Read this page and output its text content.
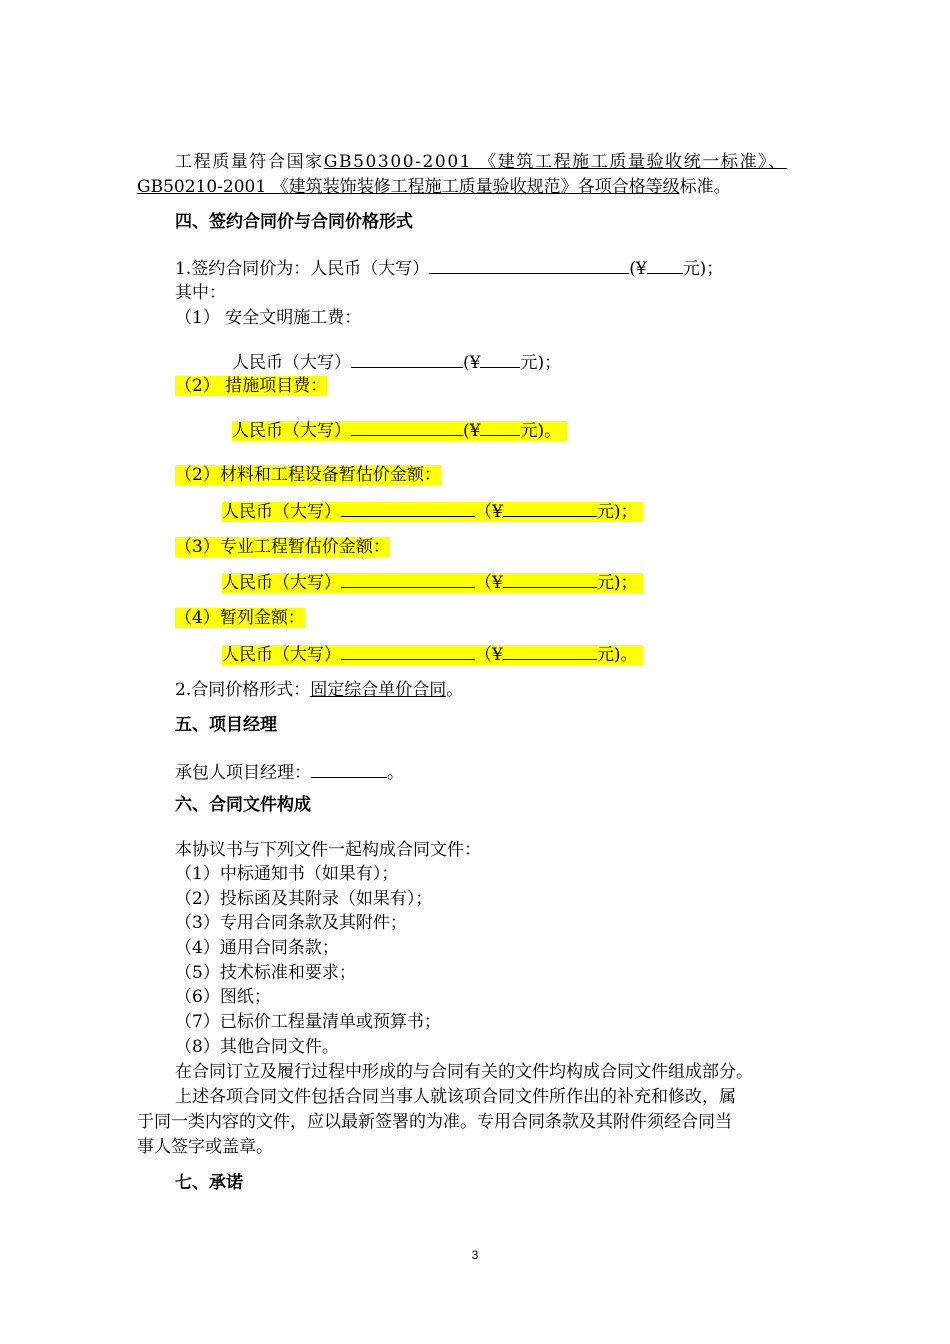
工程质量符合国家GB50300-2001 《建筑工程施工质量验收统一标准》、
GB50210-2001 《建筑装饰装修工程施工质量验收规范》各项合格等级标准。
四、签约合同价与合同价格形式
1.签约合同价为：人民币（大写）	(¥ 元)；
其中：
（1） 安全文明施工费：
人民币（大写）	(¥ 元)；
（2） 措施项目费：
人民币（大写）	(¥ 元)。
（2）材料和工程设备暂估价金额：
人民币（大写）	（¥	元)；
（3）专业工程暂估价金额：
人民币（大写）	（¥	元)；
（4）暂列金额：
人民币（大写）	（¥	元)。
2.合同价格形式：固定综合单价合同。
五、项目经理
承包人项目经理：	。
六、合同文件构成
本协议书与下列文件一起构成合同文件：
（1）中标通知书（如果有）；
（2）投标函及其附录（如果有）；
（3）专用合同条款及其附件；
（4）通用合同条款；
（5）技术标准和要求；
（6）图纸；
（7）已标价工程量清单或预算书；
（8）其他合同文件。
在合同订立及履行过程中形成的与合同有关的文件均构成合同文件组成部分。
上述各项合同文件包括合同当事人就该项合同文件所作出的补充和修改，属
于同一类内容的文件，应以最新签署的为准。专用合同条款及其附件须经合同当
事人签字或盖章。
七、承诺
3
